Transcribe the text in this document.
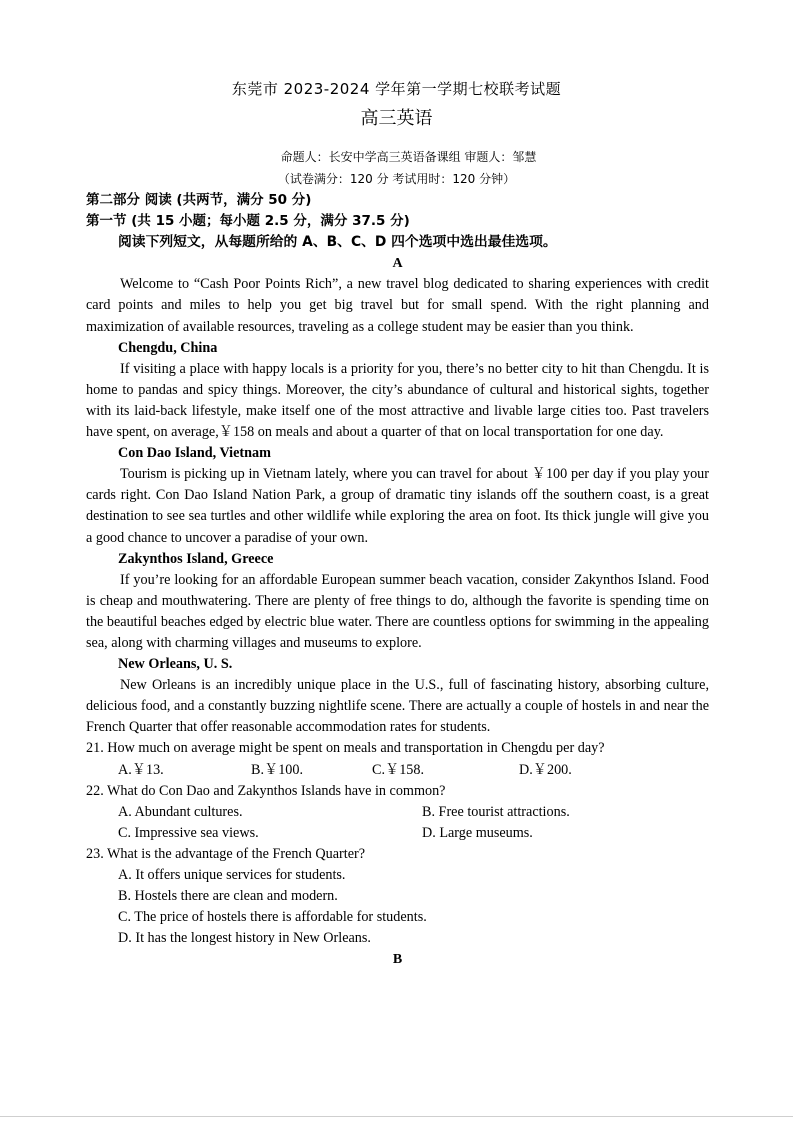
东莞市 2023-2024 学年第一学期七校联考试题
高三英语
命题人：长安中学高三英语备课组 审题人：邹慧
（试卷满分：120 分 考试用时：120 分钟）
第二部分 阅读 (共两节，满分 50 分)
第一节 (共 15 小题；每小题 2.5 分，满分 37.5 分)
阅读下列短文，从每题所给的 A、B、C、D 四个选项中选出最佳选项。
A

Welcome to “Cash Poor Points Rich”, a new travel blog dedicated to sharing experiences with credit card points and miles to help you get big travel but for small spend. With the right planning and maximization of available resources, traveling as a college student may be easier than you think.

Chengdu, China

If visiting a place with happy locals is a priority for you, there’s no better city to hit than Chengdu. It is home to pandas and spicy things. Moreover, the city’s abundance of cultural and historical sights, together with its laid-back lifestyle, make itself one of the most attractive and livable large cities too. Past travelers have spent, on average,￥158 on meals and about a quarter of that on local transportation for one day.

Con Dao Island, Vietnam

Tourism is picking up in Vietnam lately, where you can travel for about ￥100 per day if you play your cards right. Con Dao Island Nation Park, a group of dramatic tiny islands off the southern coast, is a great destination to see sea turtles and other wildlife while exploring the area on foot. Its thick jungle will give you a good chance to uncover a paradise of your own.

Zakynthos Island, Greece

If you’re looking for an affordable European summer beach vacation, consider Zakynthos Island. Food is cheap and mouthwatering. There are plenty of free things to do, although the favorite is spending time on the beautiful beaches edged by electric blue water. There are countless options for swimming in the appealing sea, along with charming villages and museums to explore.

New Orleans, U. S.

New Orleans is an incredibly unique place in the U.S., full of fascinating history, absorbing culture, delicious food, and a constantly buzzing nightlife scene. There are actually a couple of hostels in and near the French Quarter that offer reasonable accommodation rates for students.

21. How much on average might be spent on meals and transportation in Chengdu per day?
A.￥13.	B.￥100.	C.￥158.	D.￥200.
22. What do Con Dao and Zakynthos Islands have in common?
A. Abundant cultures.	B. Free tourist attractions.
C. Impressive sea views.	D. Large museums.
23. What is the advantage of the French Quarter?
A. It offers unique services for students.
B. Hostels there are clean and modern.
C. The price of hostels there is affordable for students.
D. It has the longest history in New Orleans.
B
